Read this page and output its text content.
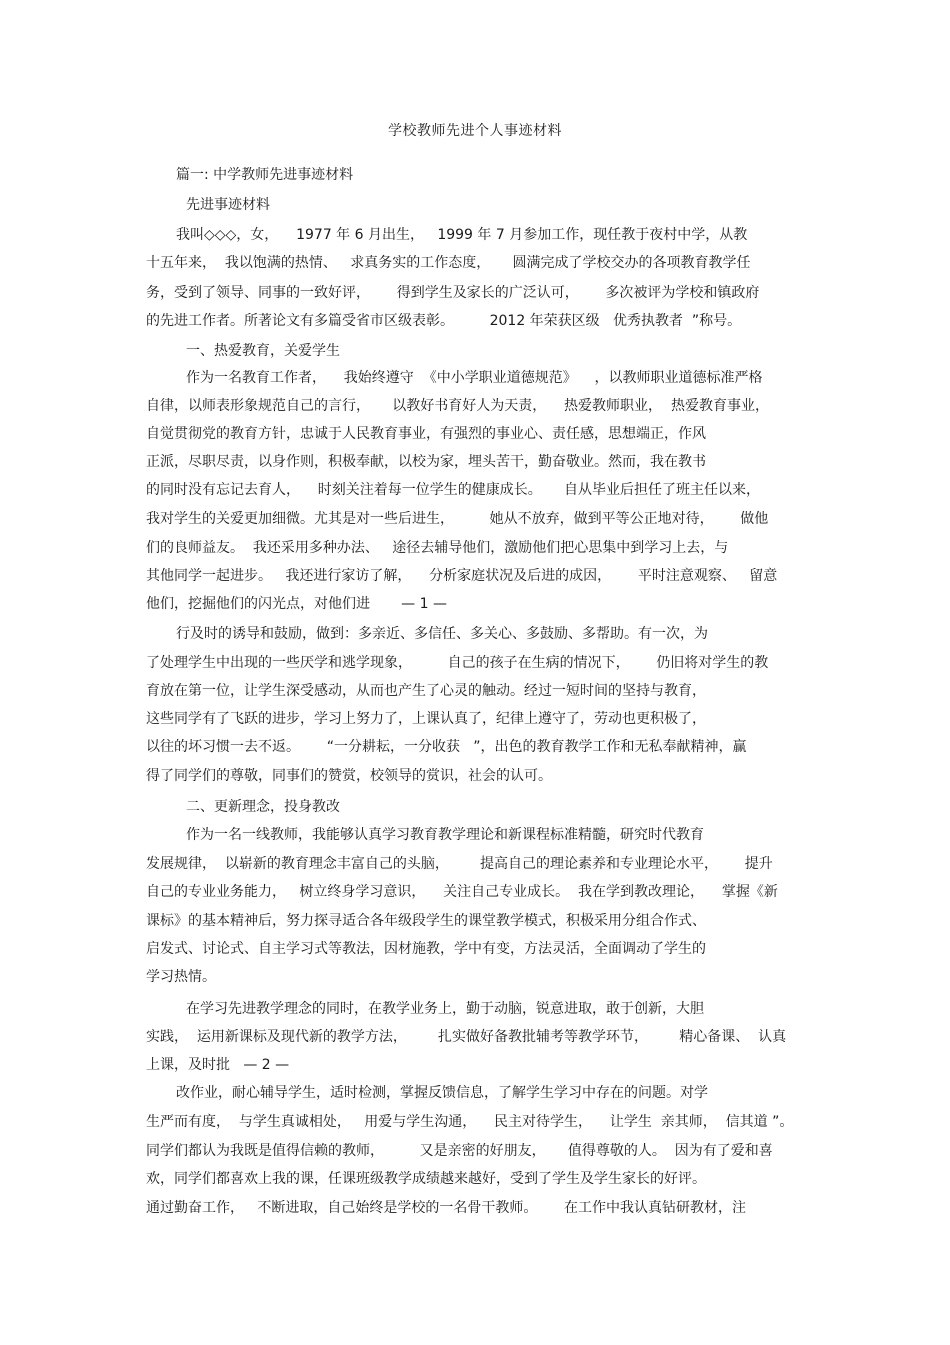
学校教师先进个人事迹材料
篇一: 中学教师先进事迹材料
先进事迹材料
我叫◇◇◇，女，    1977 年 6 月出生，   1999 年 7 月参加工作，现任教于夜村中学，从教
十五年来，  我以饱满的热情、   求真务实的工作态度，     圆满完成了学校交办的各项教育教学任
务，受到了领导、同事的一致好评，      得到学生及家长的广泛认可，      多次被评为学校和镇政府
的先进工作者。所著论文有多篇受省市区级表彰。        2012 年荣获区级   优秀执教者  ”称号。
一、热爱教育，关爱学生
作为一名教育工作者，    我始终遵守  《中小学职业道德规范》    ，以教师职业道德标准严格
自律，以师表形象规范自己的言行，     以教好书育好人为天责，    热爱教师职业，  热爱教育事业，
自觉贯彻党的教育方针，忠诚于人民教育事业，有强烈的事业心、责任感，思想端正，作风
正派，尽职尽责，以身作则，积极奉献，以校为家，埋头苦干，勤奋敬业。然而，我在教书
的同时没有忘记去育人，    时刻关注着每一位学生的健康成长。     自从毕业后担任了班主任以来，
我对学生的关爱更加细微。尤其是对一些后进生，        她从不放弃，做到平等公正地对待，      做他
们的良师益友。  我还采用多种办法、   途径去辅导他们，激励他们把心思集中到学习上去，与
其他同学一起进步。   我还进行家访了解，    分析家庭状况及后进的成因，      平时注意观察、   留意
他们，挖掘他们的闪光点，对他们进       — 1 —
行及时的诱导和鼓励，做到：多亲近、多信任、多关心、多鼓励、多帮助。有一次，为
了处理学生中出现的一些厌学和逃学现象，        自己的孩子在生病的情况下，      仍旧将对学生的教
育放在第一位，让学生深受感动，从而也产生了心灵的触动。经过一短时间的坚持与教育，
这些同学有了飞跃的进步，学习上努力了，上课认真了，纪律上遵守了，劳动也更积极了，
以往的坏习惯一去不返。      “一分耕耘，一分收获   ”，出色的教育教学工作和无私奉献精神，赢
得了同学们的尊敬，同事们的赞赏，校领导的赏识，社会的认可。
二、更新理念，投身教改
作为一名一线教师，我能够认真学习教育教学理论和新课程标准精髓，研究时代教育
发展规律，  以崭新的教育理念丰富自己的头脑，       提高自己的理论素养和专业理论水平，      提升
自己的专业业务能力，   树立终身学习意识，    关注自己专业成长。  我在学到教改理论，    掌握《新
课标》的基本精神后，努力探寻适合各年级段学生的课堂教学模式，积极采用分组合作式、
启发式、讨论式、自主学习式等教法，因材施教，学中有变，方法灵活，全面调动了学生的
学习热情。
在学习先进教学理念的同时，在教学业务上，勤于动脑，锐意进取，敢于创新，大胆
实践，  运用新课标及现代新的教学方法，       扎实做好备教批辅考等教学环节，       精心备课、  认真
上课，及时批   — 2 —
改作业，耐心辅导学生，适时检测，掌握反馈信息，了解学生学习中存在的问题。对学
生严而有度，  与学生真诚相处，   用爱与学生沟通，    民主对待学生，    让学生  亲其师，  信其道 ”。
同学们都认为我既是值得信赖的教师，        又是亲密的好朋友，     值得尊敬的人。  因为有了爱和喜
欢，同学们都喜欢上我的课，任课班级教学成绩越来越好，受到了学生及学生家长的好评。
通过勤奋工作，   不断进取，自己始终是学校的一名骨干教师。      在工作中我认真钻研教材，注
